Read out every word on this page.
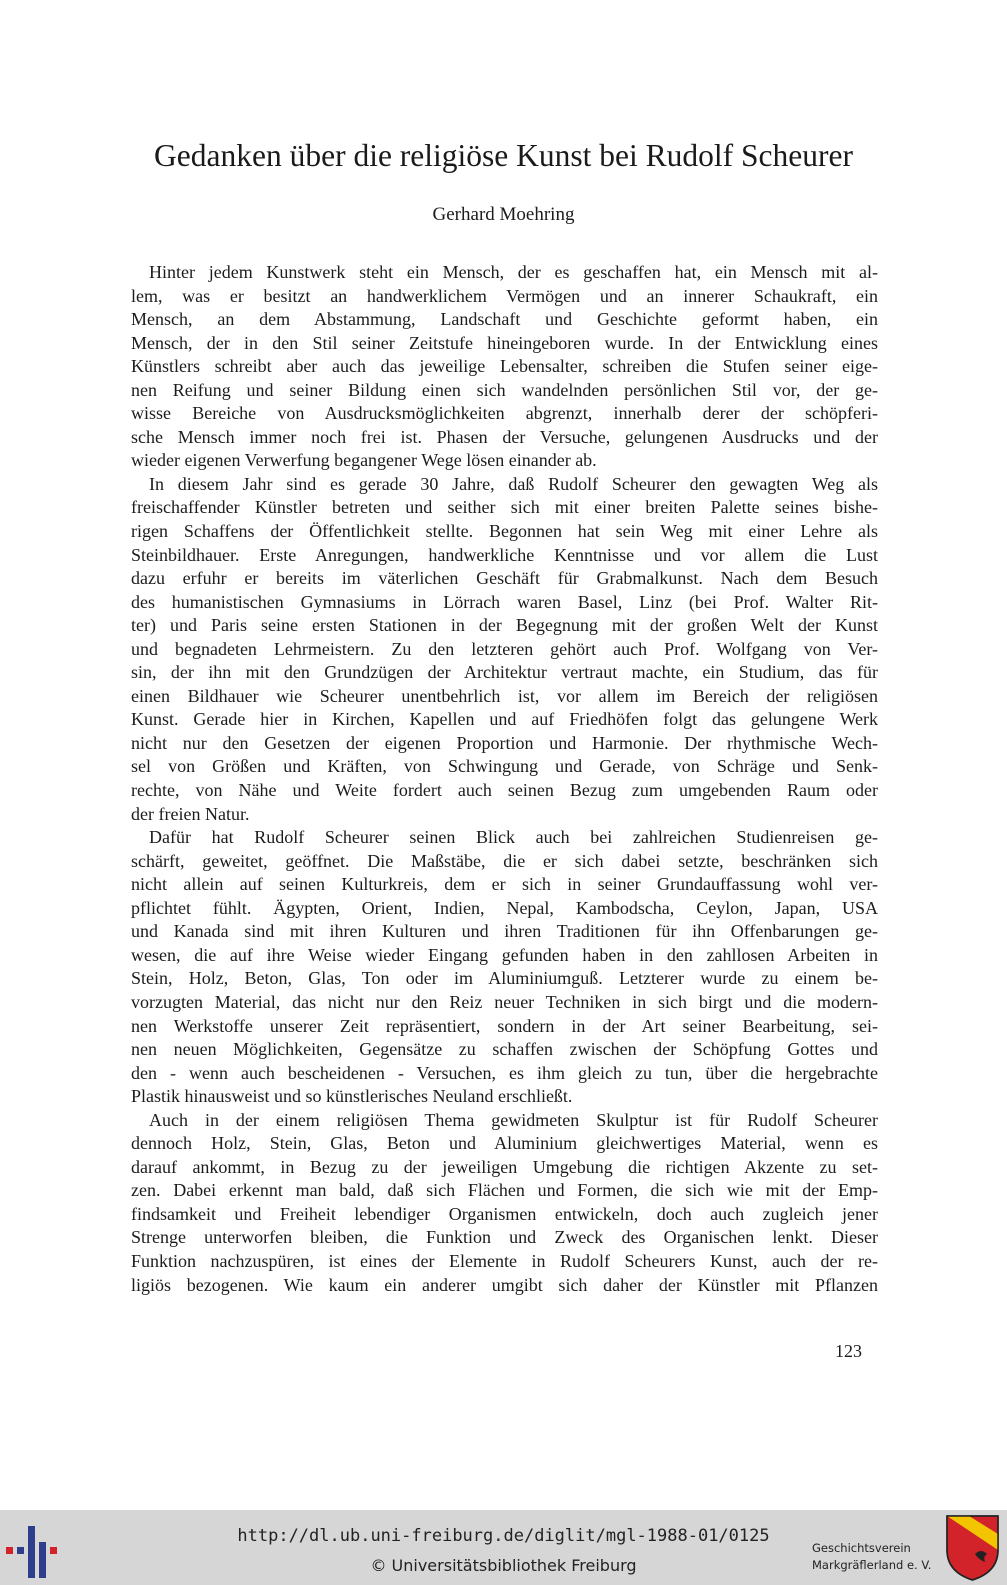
Gedanken über die religiöse Kunst bei Rudolf Scheurer
Gerhard Moehring
Hinter jedem Kunstwerk steht ein Mensch, der es geschaffen hat, ein Mensch mit al-
lem, was er besitzt an handwerklichem Vermögen und an innerer Schaukraft, ein
Mensch, an dem Abstammung, Landschaft und Geschichte geformt haben, ein
Mensch, der in den Stil seiner Zeitstufe hineingeboren wurde. In der Entwicklung eines
Künstlers schreibt aber auch das jeweilige Lebensalter, schreiben die Stufen seiner eige-
nen Reifung und seiner Bildung einen sich wandelnden persönlichen Stil vor, der ge-
wisse Bereiche von Ausdrucksmöglichkeiten abgrenzt, innerhalb derer der schöpferi-
sche Mensch immer noch frei ist. Phasen der Versuche, gelungenen Ausdrucks und der
wieder eigenen Verwerfung begangener Wege lösen einander ab.
In diesem Jahr sind es gerade 30 Jahre, daß Rudolf Scheurer den gewagten Weg als
freischaffender Künstler betreten und seither sich mit einer breiten Palette seines bishe-
rigen Schaffens der Öffentlichkeit stellte. Begonnen hat sein Weg mit einer Lehre als
Steinbildhauer. Erste Anregungen, handwerkliche Kenntnisse und vor allem die Lust
dazu erfuhr er bereits im väterlichen Geschäft für Grabmalkunst. Nach dem Besuch
des humanistischen Gymnasiums in Lörrach waren Basel, Linz (bei Prof. Walter Rit-
ter) und Paris seine ersten Stationen in der Begegnung mit der großen Welt der Kunst
und begnadeten Lehrmeistern. Zu den letzteren gehört auch Prof. Wolfgang von Ver-
sin, der ihn mit den Grundzügen der Architektur vertraut machte, ein Studium, das für
einen Bildhauer wie Scheurer unentbehrlich ist, vor allem im Bereich der religiösen
Kunst. Gerade hier in Kirchen, Kapellen und auf Friedhöfen folgt das gelungene Werk
nicht nur den Gesetzen der eigenen Proportion und Harmonie. Der rhythmische Wech-
sel von Größen und Kräften, von Schwingung und Gerade, von Schräge und Senk-
rechte, von Nähe und Weite fordert auch seinen Bezug zum umgebenden Raum oder
der freien Natur.
Dafür hat Rudolf Scheurer seinen Blick auch bei zahlreichen Studienreisen ge-
schärft, geweitet, geöffnet. Die Maßstäbe, die er sich dabei setzte, beschränken sich
nicht allein auf seinen Kulturkreis, dem er sich in seiner Grundauffassung wohl ver-
pflichtet fühlt. Ägypten, Orient, Indien, Nepal, Kambodscha, Ceylon, Japan, USA
und Kanada sind mit ihren Kulturen und ihren Traditionen für ihn Offenbarungen ge-
wesen, die auf ihre Weise wieder Eingang gefunden haben in den zahllosen Arbeiten in
Stein, Holz, Beton, Glas, Ton oder im Aluminiumguß. Letzterer wurde zu einem be-
vorzugten Material, das nicht nur den Reiz neuer Techniken in sich birgt und die modern-
nen Werkstoffe unserer Zeit repräsentiert, sondern in der Art seiner Bearbeitung, sei-
nen neuen Möglichkeiten, Gegensätze zu schaffen zwischen der Schöpfung Gottes und
den - wenn auch bescheidenen - Versuchen, es ihm gleich zu tun, über die hergebrachte
Plastik hinausweist und so künstlerisches Neuland erschließt.
Auch in der einem religiösen Thema gewidmeten Skulptur ist für Rudolf Scheurer
dennoch Holz, Stein, Glas, Beton und Aluminium gleichwertiges Material, wenn es
darauf ankommt, in Bezug zu der jeweiligen Umgebung die richtigen Akzente zu set-
zen. Dabei erkennt man bald, daß sich Flächen und Formen, die sich wie mit der Emp-
findsamkeit und Freiheit lebendiger Organismen entwickeln, doch auch zugleich jener
Strenge unterworfen bleiben, die Funktion und Zweck des Organischen lenkt. Dieser
Funktion nachzuspüren, ist eines der Elemente in Rudolf Scheurers Kunst, auch der re-
ligiös bezogenen. Wie kaum ein anderer umgibt sich daher der Künstler mit Pflanzen
123
http://dl.ub.uni-freiburg.de/diglit/mgl-1988-01/0125
© Universitätsbibliothek Freiburg
Geschichtsverein
Markgräflerland e. V.
